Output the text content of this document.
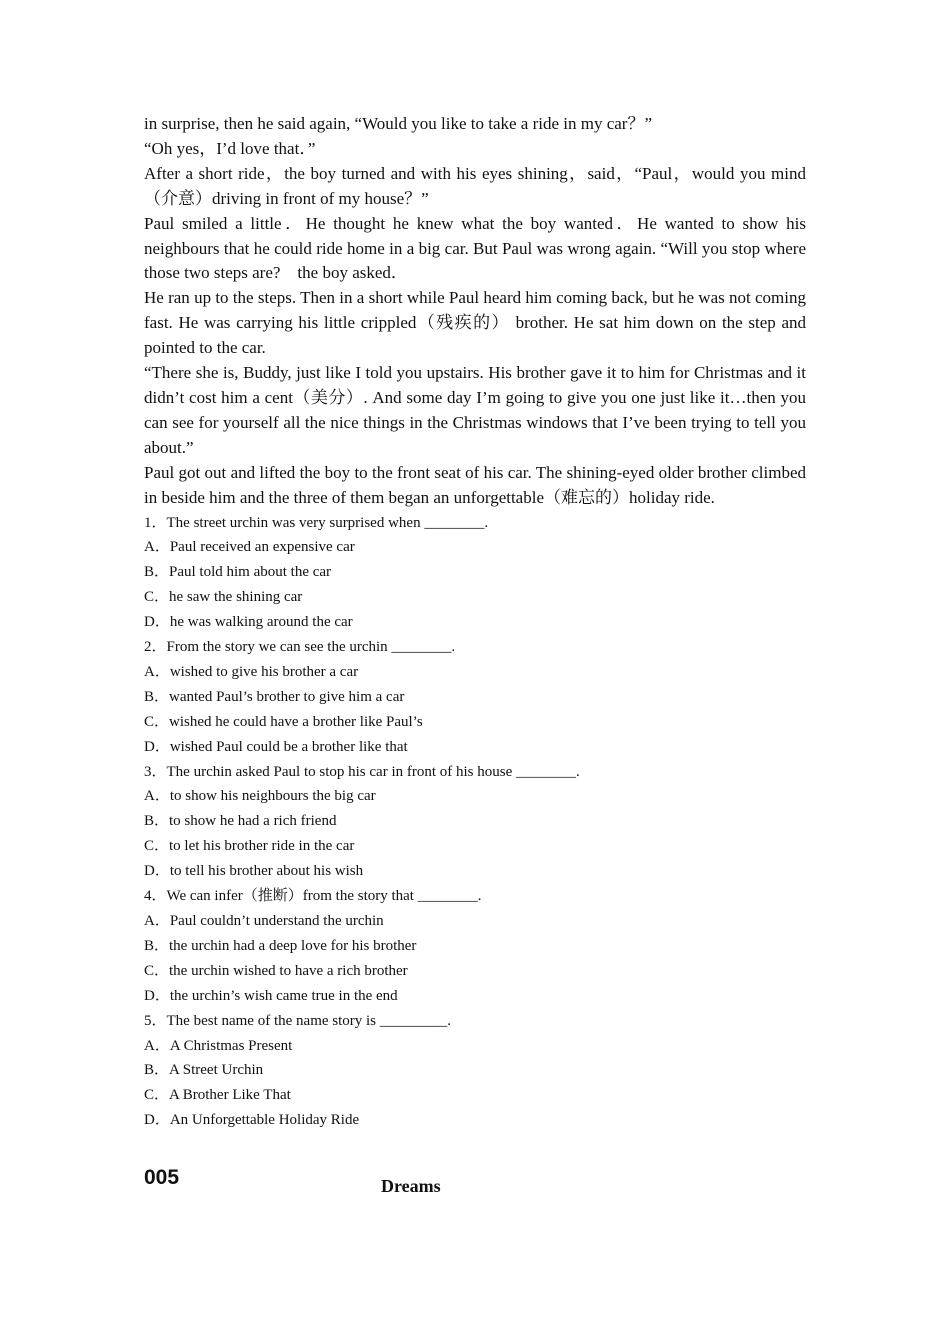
in surprise, then he said again, “Would you like to take a ride in my car？”

“Oh yes，I’d love that．”

After a short ride，the boy turned and with his eyes shining，said，“Paul，would you mind （介意）driving in front of my house？”

Paul smiled a little．He thought he knew what the boy wanted．He wanted to show his neighbours that he could ride home in a big car. But Paul was wrong again. “Will you stop where those two steps are?　the boy asked．

He ran up to the steps. Then in a short while Paul heard him coming back, but he was not coming fast. He was carrying his little crippled（残疾的） brother. He sat him down on the step and pointed to the car.

“There she is, Buddy, just like I told you upstairs. His brother gave it to him for Christmas and it didn’t cost him a cent（美分）. And some day I’m going to give you one just like it…then you can see for yourself all the nice things in the Christmas windows that I’ve been trying to tell you about.”

Paul got out and lifted the boy to the front seat of his car. The shining-eyed older brother climbed in beside him and the three of them began an unforgettable（难忘的）holiday ride.

1．The street urchin was very surprised when ________.

A．Paul received an expensive car

B．Paul told him about the car

C．he saw the shining car

D．he was walking around the car

2．From the story we can see the urchin ________.

A．wished to give his brother a car

B．wanted Paul’s brother to give him a car

C．wished he could have a brother like Paul’s

D．wished Paul could be a brother like that

3．The urchin asked Paul to stop his car in front of his house ________.

A．to show his neighbours the big car

B．to show he had a rich friend

C．to let his brother ride in the car

D．to tell his brother about his wish

4．We can infer（推断）from the story that ________.

A．Paul couldn’t understand the urchin

B．the urchin had a deep love for his brother

C．the urchin wished to have a rich brother

D．the urchin’s wish came true in the end

5．The best name of the name story is _________.

A．A Christmas Present

B．A Street Urchin

C．A Brother Like That

D．An Unforgettable Holiday Ride

005	Dreams
